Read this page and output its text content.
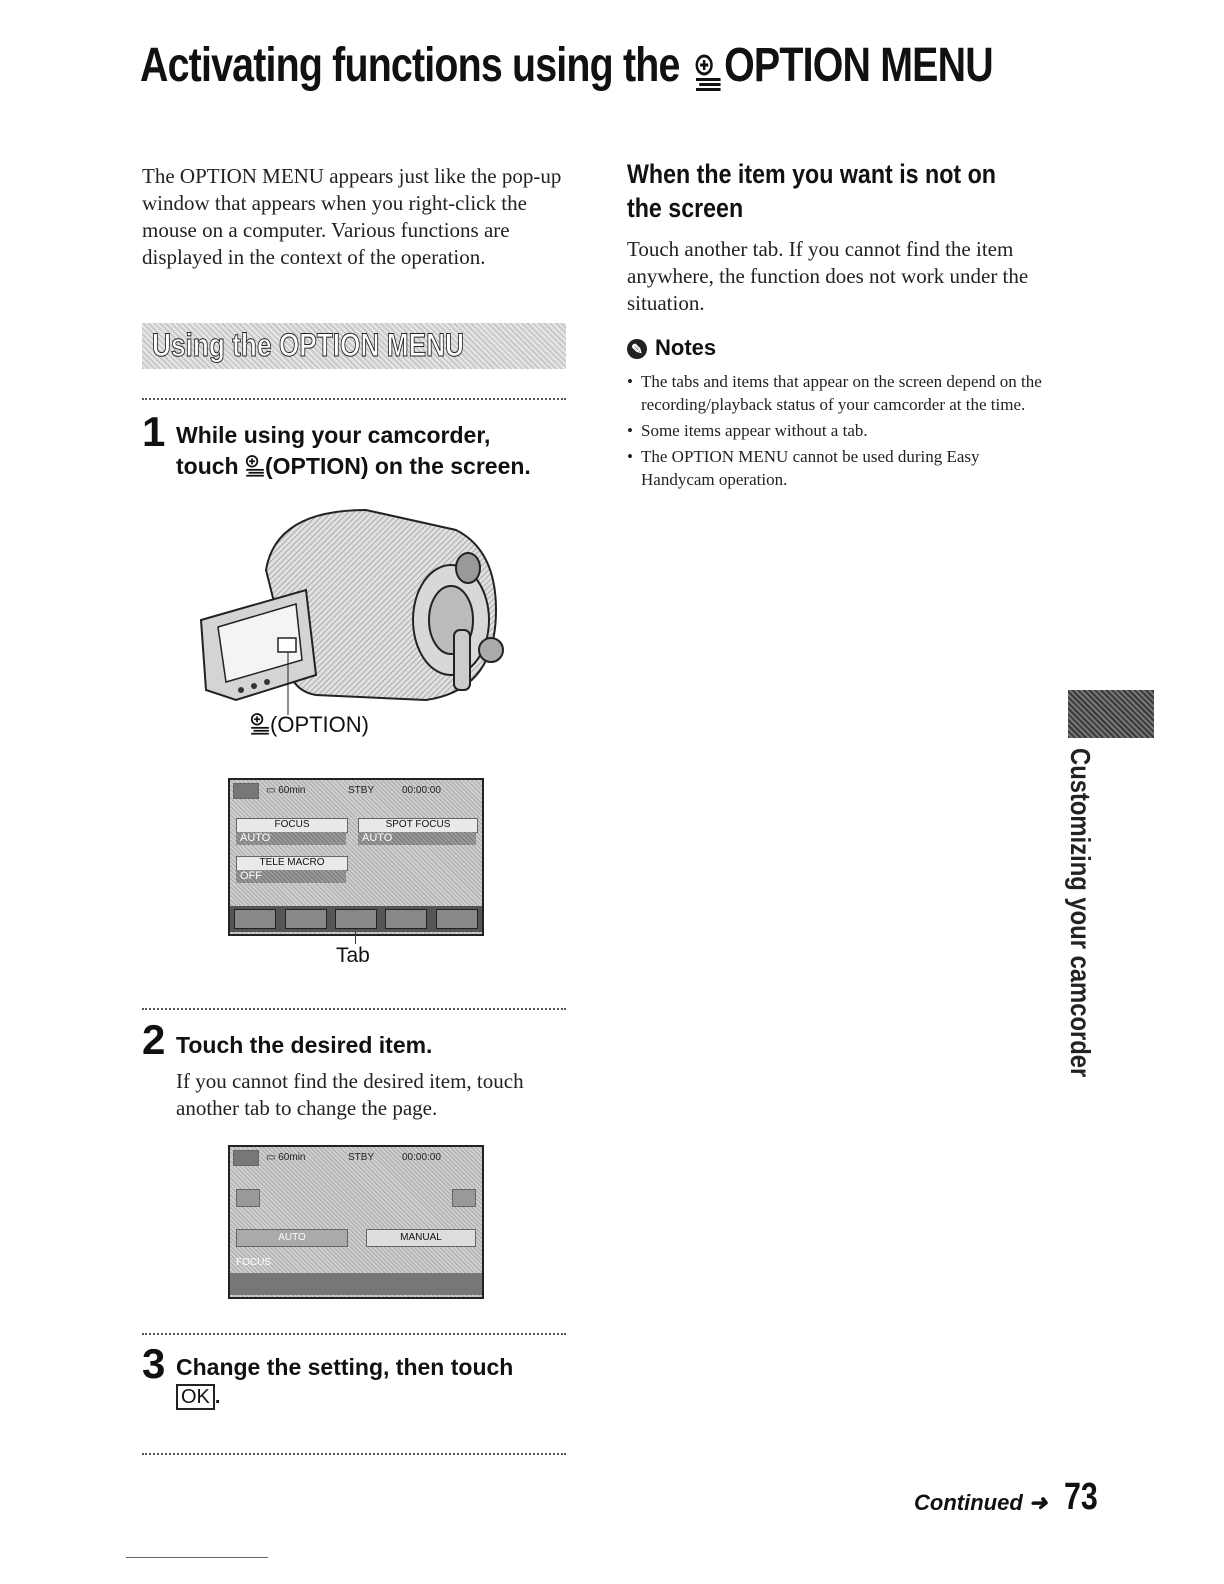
Activating functions using the OPTION MENU
The OPTION MENU appears just like the pop-up window that appears when you right-click the mouse on a computer. Various functions are displayed in the context of the operation.
Using the OPTION MENU
1 While using your camcorder,
touch (OPTION) on the screen.
(OPTION)
▭ 60min	STBY	00:00:00
FOCUS
AUTO
SPOT FOCUS
AUTO
TELE MACRO
OFF
Tab
2 Touch the desired item.
If you cannot find the desired item, touch another tab to change the page.
▭ 60min	STBY	00:00:00
AUTO	MANUAL
FOCUS
3 Change the setting, then touch
OK .
When the item you want is not on the screen
Touch another tab. If you cannot find the item anywhere, the function does not work under the situation.
✎ Notes
• The tabs and items that appear on the screen depend on the recording/playback status of your camcorder at the time.
• Some items appear without a tab.
• The OPTION MENU cannot be used during Easy Handycam operation.
Customizing your camcorder
Continued ➜ 73
